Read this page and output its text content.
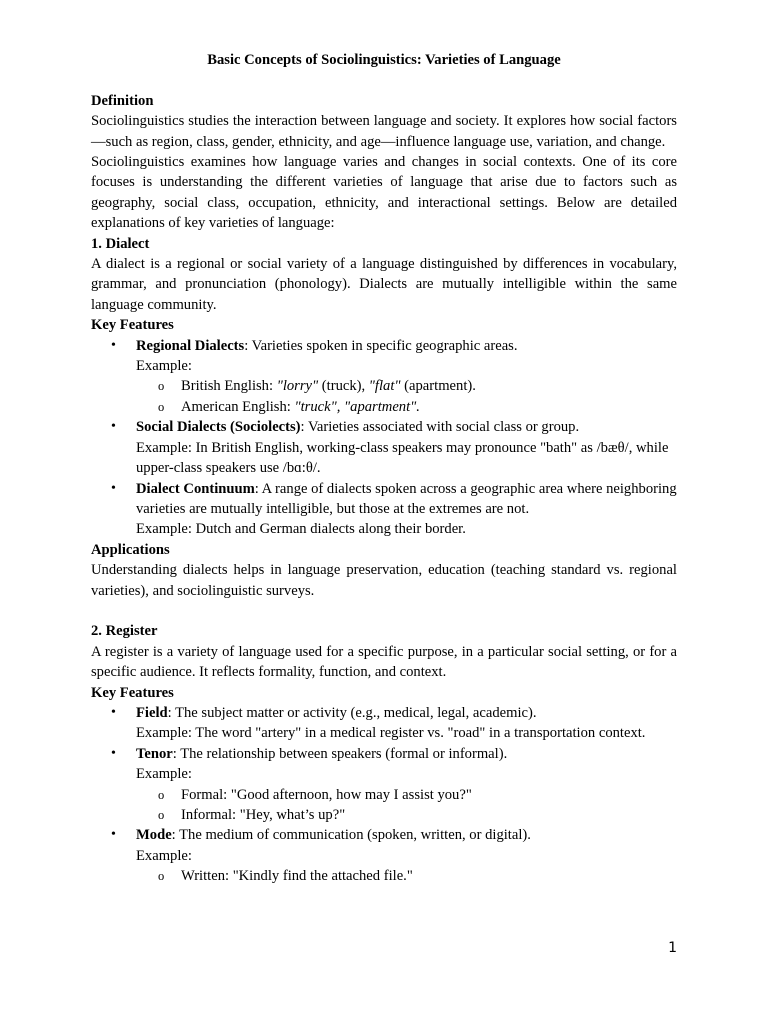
Basic Concepts of Sociolinguistics: Varieties of Language
Definition

Sociolinguistics studies the interaction between language and society. It explores how social factors—such as region, class, gender, ethnicity, and age—influence language use, variation, and change.

Sociolinguistics examines how language varies and changes in social contexts. One of its core focuses is understanding the different varieties of language that arise due to factors such as geography, social class, occupation, ethnicity, and interactional settings. Below are detailed explanations of key varieties of language:

1. Dialect

A dialect is a regional or social variety of a language distinguished by differences in vocabulary, grammar, and pronunciation (phonology). Dialects are mutually intelligible within the same language community.

Key Features
• Regional Dialects: Varieties spoken in specific geographic areas.
Example:
o British English: "lorry" (truck), "flat" (apartment).
o American English: "truck", "apartment".
• Social Dialects (Sociolects): Varieties associated with social class or group.
Example: In British English, working-class speakers may pronounce "bath" as /bæθ/, while upper-class speakers use /bɑ:θ/.
• Dialect Continuum: A range of dialects spoken across a geographic area where neighboring varieties are mutually intelligible, but those at the extremes are not.
Example: Dutch and German dialects along their border.
Applications

Understanding dialects helps in language preservation, education (teaching standard vs. regional varieties), and sociolinguistic surveys.

2. Register

A register is a variety of language used for a specific purpose, in a particular social setting, or for a specific audience. It reflects formality, function, and context.

Key Features
• Field: The subject matter or activity (e.g., medical, legal, academic).
Example: The word "artery" in a medical register vs. "road" in a transportation context.
• Tenor: The relationship between speakers (formal or informal).
Example:
o Formal: "Good afternoon, how may I assist you?"
o Informal: "Hey, what’s up?"
• Mode: The medium of communication (spoken, written, or digital).
Example:
o Written: "Kindly find the attached file."
1
